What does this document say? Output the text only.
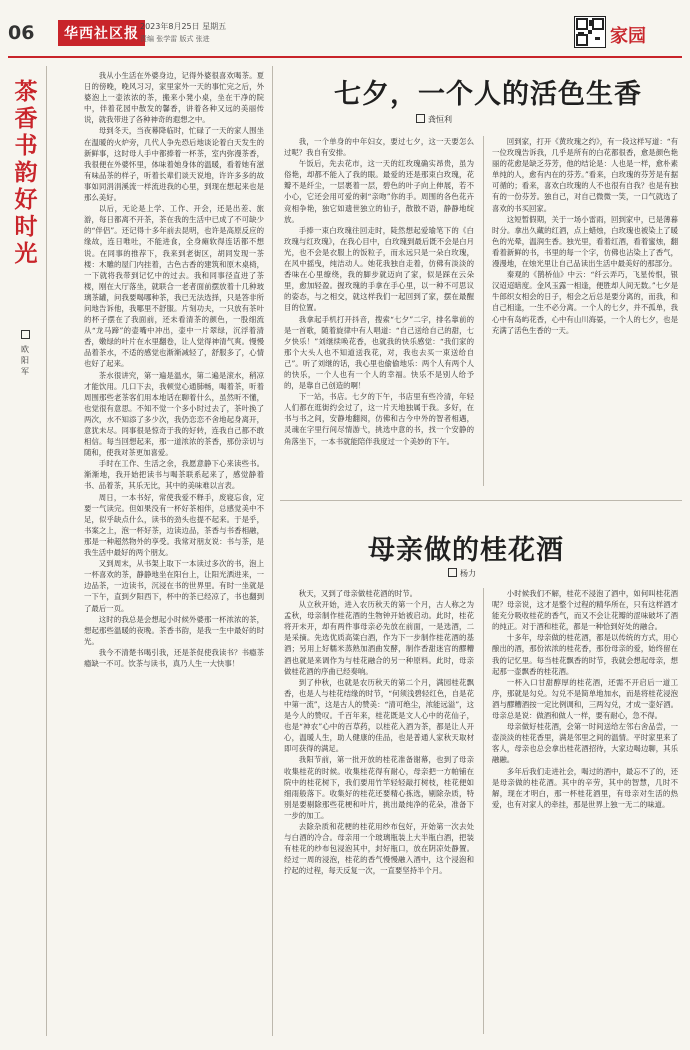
06	华西社区报 2023年8月25日 星期五
责编 张学雷 版式 张进	家园
茶香书韵好时光
欧阳军

我从小生活在外婆身边，记得外婆很喜欢喝茶。夏日的傍晚，晚风习习，家里家外一天的事忙完之后，外婆泡上一壶浓浓的茶，搬来小凳小桌，坐在干净的院中，伴着花园中散发的馨香，讲着各种又远的美丽传说，就我带进了各种神奇的遐想之中。

母到冬天，当夜幕降临时，忙碌了一天的家人围坐在温暖的火炉旁，几代人争先恐后地谈论着白天发生的新鲜事，这时母人手中都捧着一杯茶，室内弥漫茶香，我很便在外婆怀里，体味着她身体的温暖，看着她有滋有味品茶的样子，听着长辈们谈天说地，许许多多的故事如同涓涓溪流一样流进我的心里，到现在想起来也是那么美好。

以后，无论是上学、工作、开会，还是出差、旅游，每日都离不开茶，茶在我的生活中已成了不可缺少的“伴侣”。还记得十多年前去昆明，也许是高原反应的缘故，连日唯吐，不能进食，全身瘫软得连话都不想说。在同事的推荐下，我来到老街区，胡同发现一茶楼：木雕的屋门内挂着，古色古香的建筑和原木桌椅，一下就将我带到记忆中的过去。我和同事径直进了茶楼，刚在大厅落坐，就联合一老者面前摆放着十几种玻璃茶罐，问我要喝哪种茶，我已无法选择，只是答非所问地告诉他，我哪里不舒服。片刻功夫，一只放有茶叶的杯子摆在了我面前，还未看清茶的颜色，一股细流从“龙马蹄”的壶嘴中冲出，壶中一片翠绿，沉浮着清香，嫩绿的叶片在水里翻卷，让人觉得神清气爽。慢慢品着茶水，不适的感觉也渐渐减轻了，舒服多了，心情也好了起来。

茶水很讲究，第一遍是温水，第二遍是滚水，稍凉才能饮用。几口下去，我顿觉心通肺畅，喝着茶，听着周围那些老茶客们用本地话在聊着什么，虽然听不懂，也觉很有意思。不知不觉一个多小时过去了，茶叶换了两次，水不知添了多少次，我仍恋恋不舍地起身离开，意犹未尽。同事很是惊奇于我的好转，连我自己都不敢相信。每当回想起来，那一道浓浓的茶香，那份亲切与随和，使我对茶更加喜爱。

手时在工作、生活之余，我愿意静下心来读些书。渐渐地，我开始把读书与喝茶联系起来了，感觉静着书、品着茶，其乐无比，其中的美味难以言表。

周日，一本书好，常使我爱不释手，废寝忘食，定要一气读完。但如果没有一杯好茶相伴，总感觉美中不足，似乎缺点什么，读书的劲头也提不起来。于是乎，书案之上，泡一杯好茶，边读边品，茶香与书香相融，那是一种超然物外的享受。我常对朋友说：书与茶，是我生活中最好的两个朋友。

又到周末，从书架上取下一本读过多次的书，泡上一杯喜欢的茶，静静地坐在阳台上，让阳光洒进来，一边品茶，一边读书，沉浸在书的世界里。有时一坐就是一下午，直到夕阳西下，杯中的茶已经凉了，书也翻到了最后一页。

这时的我总是会想起小时候外婆那一杯浓浓的茶，想起那些温暖的夜晚。茶香书韵，是我一生中最好的时光。

我今不清楚书喝引我，还是茶促使我读书？书瘾茶瘾缺一不可。饮茶与读书，真乃人生一大快事！

七夕，一个人的活色生香
龚恒利

我，一个单身的中年妇女，要过七夕，这一天要怎么过呢？我自有安排。

午饭后，先去花市，这一天的红玫瑰确实昂贵，虽为俗艳，却都不能入了我的眼。最爱的还是那束白玫瑰，花瓣不是纤尘，一层裹着一层，碧色的叶子向上伸展，若不小心，它还会用可爱的刺“亲吻”你的手。周围的各色花卉竞相争艳，独它如遗世独立的仙子，散散不语，静静地绽放。

手捧一束白玫瑰往回走时，陡然想起爱瑜笔下的《白玫瑰与红玫瑰》，在我心目中，白玫瑰到最后既不会是白月光，也不会是衣服上的饭粒子，而永远只是一朵白玫瑰，在风中摇曳，纯洁动人。她花我独自走着，仿佛有淡淡的香味在心里缭绕，我的脚步就迈向了家，似是踩在云朵里，愈加轻盈。握玫瑰的手拿在手心里，以一种不可思议的姿态，与之相交，就这样我们一起回到了家，摆在最醒目的位置。

我拿起手机打开抖音，搜索“七夕”二字，排名靠前的是一首歌，随着旋律中有人唱道：“自己送给自己的甜，七夕快乐！”刘继续唤花香，也就我的快乐感觉：“我们家的那个大头人也不知道送我花，对，我也去买一束送给自己”。听了刘继的话，我心里也偷偷地乐：两个人有两个人的快乐，一个人也有一个人的幸福。快乐不是别人给予的，是靠自己创造的啊！

下一站，书店。七夕的下午，书店里有些冷清，年轻人们都在逛街约会过了，这一片天地独属于我。多好，在书与书之间，安静地翻阅，仿佛和古今中外的智者相遇，灵魂在字里行间尽情游弋，挑选中意的书，找一个安静的角落坐下，一本书就能陪伴我度过一个美妙的下午。

回到家，打开《黄玫瑰之约》，有一段这样写道：“有一位玫瑰告诉我，几乎是所有的白花都很香，愈是颜色艳丽的花愈是缺乏芬芳，他的结论是：人也是一样，愈朴素单纯的人，愈有内在的芬芳。”看来，白玫瑰的芬芳是有据可循的；看来，喜欢白玫瑰的人不也很有自我？也是有独有的一份芬芳。独自己，对自己微微一笑，一口气就选了喜欢的书买回家。

这短暂假期，关于一场小雷雨，回到家中，已是薄暮时分。拿出久藏的红酒，点上蜡烛，白玫瑰也被染上了暖色的光晕，温润生香。独光里，看着红酒，看着蜜烛，翻看着新鲜的书，书里的每一个字，仿佛也沾染上了香气，漫漫地，在烛光里让自己品读出生活中最美好的那部分。

秦观的《鹊桥仙》中云：“纤云弄巧，飞星传恨，银汉迢迢暗度。金风玉露一相逢，便胜却人间无数。”七夕是牛郎织女相会的日子，相会之后总是要分离的，而我，和自己相逢，一生不必分离。一个人的七夕，并不孤单，我心中有岛屿花香，心中有山川海晏，一个人的七夕，也是充满了活色生香的一天。

母亲做的桂花酒
杨力

秋天，又到了母亲做桂花酒的时节。

从立秋开始，进入农历秋天的第一个月，古人称之为孟秋，母亲制作桂花酒的生物钟开始被启动。此时，桂花将开未开，却有两件事母亲必先放在前面，一是选酒，二是采摘。先选优质高粱白酒，作为下一步制作桂花酒的基酒；另用上好糯米蒸熟加酒曲发酵，制作香甜迷宫的醪糟酒也就是来调作为与桂花融合的另一种原料。此时，母亲做桂花酒的序曲已经奏响。

到了仲秋，也就是农历秋天的第二个月，满园桂花飘香，也是人与桂花结缘的时节，“何须浅碧轻红色，自是花中第一流”，这是古人的赞美：“清可绝尘，浓能远溢”，这是今人的赞叹。千百年来，桂花既是文人心中的花仙子，也是“神农”心中的百草药，以桂花入酒为茶，都是让人开心，温暖人生，助人健康的佳品，也是普通人家秋天取材即可获得的满足。

我阳节前，第一批开放的桂花准备谢幕，也到了母亲收集桂花的时候。收集桂花得有耐心，母亲把一方帕铺在院中的桂花树下，我们要用竹竿轻轻敲打树枝，桂花便如细雨般落下。收集好的桂花还要精心拣选，剔除杂质，特别是要剔除那些花梗和叶片，挑出最纯净的花朵，准备下一步的加工。

去除杂质和花梗的桂花用纱布包好，开始第一次去处与白酒的冷合。母亲用一个玻璃瓶装上大半瓶白酒，把装有桂花的纱布包浸泡其中，封好瓶口，放在阴凉处静置。经过一周的浸泡，桂花的香气慢慢融入酒中，这个浸泡和拧起的过程，每天反复一次，一直要坚持半个月。

小时候我们不解，桂花不浸泡了酒中，如何叫桂花酒呢？母亲说，这才是整个过程的精华所在，只有这样酒才能充分吸收桂花的香气，而又不会让花瓣的涩味破坏了酒的纯正。对于酒和桂花，都是一种恰到好处的融合。

十多年，母亲做的桂花酒，都是以传统的方式，用心酿出的酒，那份浓浓的桂花香，那份母亲的爱，始终留在我的记忆里。每当桂花飘香的时节，我就会想起母亲，想起那一壶飘香的桂花酒。

一杯入口甘甜醇厚的桂花酒，还需不开启后一道工序，那就是勾兑。勾兑不是简单地加水，而是将桂花浸泡酒与醪糟酒按一定比例调和，三两勾兑，才成一壶好酒。母亲总是说：做酒和做人一样，要有耐心，急不得。

母亲做好桂花酒，会第一时间送给左邻右舍品尝，一壶淡淡的桂花香里，满是邻里之间的温情。平时家里来了客人，母亲也总会拿出桂花酒招待，大家边喝边聊，其乐融融。

多年后我们走进社会，喝过的酒中，最忘不了的，还是母亲做的桂花酒。其中的辛劳，其中的智慧，几时不解，现在才明白，那一杯桂花酒里，有母亲对生活的热爱，也有对家人的牵挂，那是世界上独一无二的味道。
